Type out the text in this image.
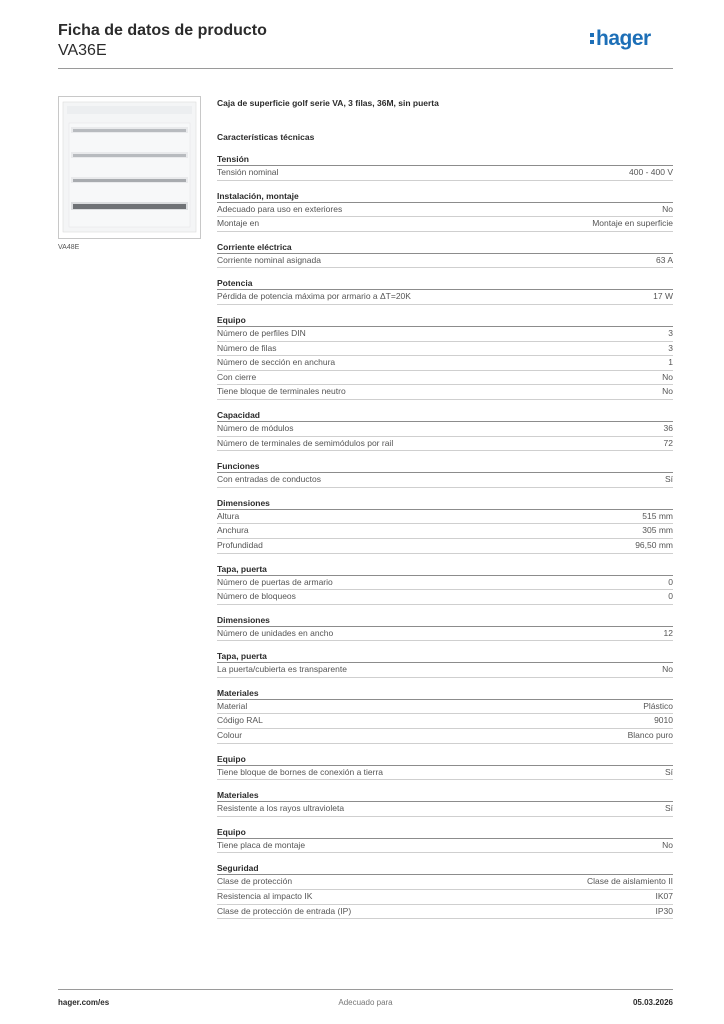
Ficha de datos de producto
VA36E
hager
VA48E
Caja de superficie golf serie VA, 3 filas, 36M, sin puerta
Características técnicas
Tensión
Tensión nominal	400 - 400 V
Instalación, montaje
Adecuado para uso en exteriores	No
Montaje en	Montaje en superficie
Corriente eléctrica
Corriente nominal asignada	63 A
Potencia
Pérdida de potencia máxima por armario a ΔT=20K	17 W
Equipo
Número de perfiles DIN	3
Número de filas	3
Número de sección en anchura	1
Con cierre	No
Tiene bloque de terminales neutro	No
Capacidad
Número de módulos	36
Número de terminales de semimódulos por rail	72
Funciones
Con entradas de conductos	Sí
Dimensiones
Altura	515 mm
Anchura	305 mm
Profundidad	96,50 mm
Tapa, puerta
Número de puertas de armario	0
Número de bloqueos	0
Dimensiones
Número de unidades en ancho	12
Tapa, puerta
La puerta/cubierta es transparente	No
Materiales
Material	Plástico
Código RAL	9010
Colour	Blanco puro
Equipo
Tiene bloque de bornes de conexión a tierra	Sí
Materiales
Resistente a los rayos ultravioleta	Sí
Equipo
Tiene placa de montaje	No
Seguridad
Clase de protección	Clase de aislamiento II
Resistencia al impacto IK	IK07
Clase de protección de entrada (IP)	IP30
hager.com/es	Adecuado para	05.03.2026
